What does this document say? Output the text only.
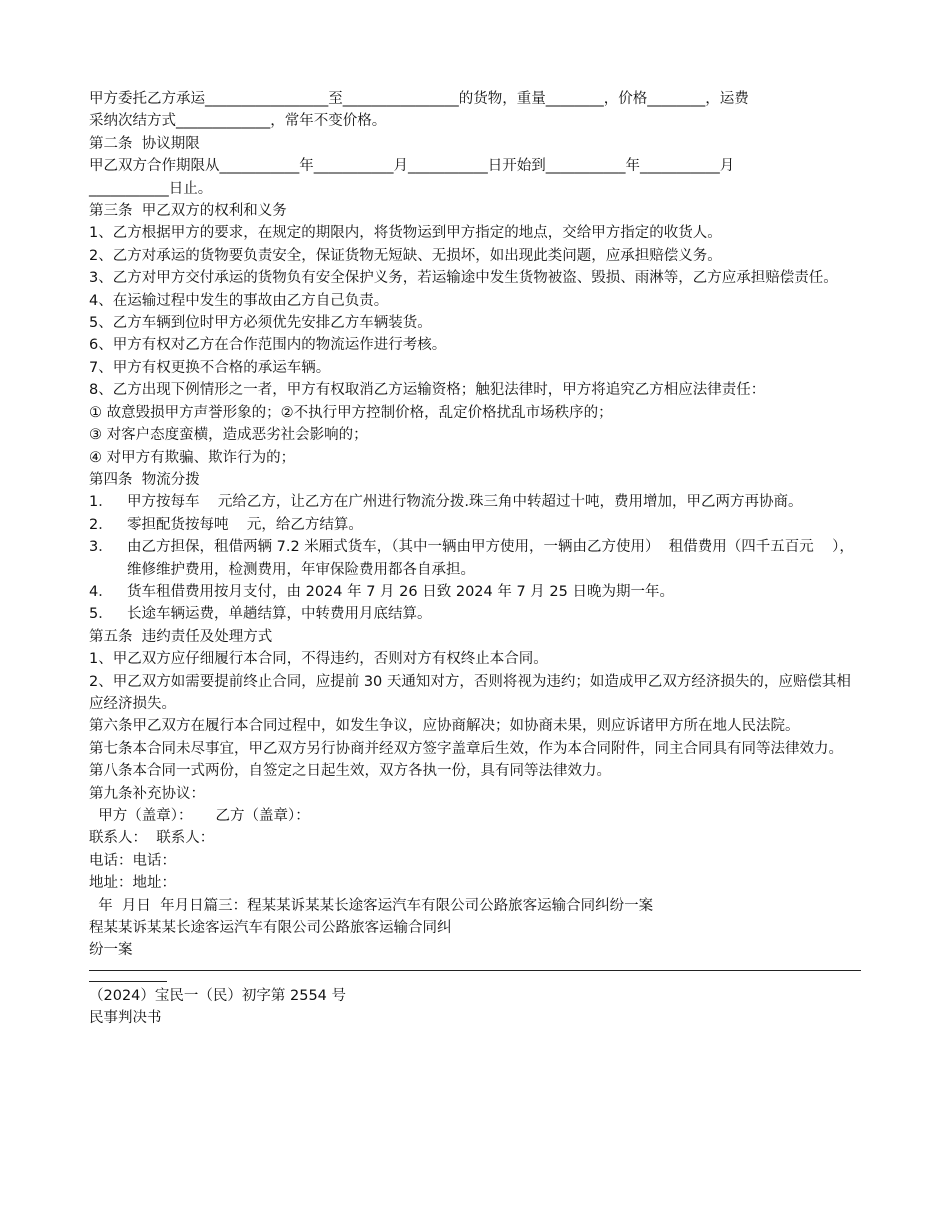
甲方委托乙方承运_________________至________________的货物，重量________，价格________，运费

采纳次结方式_____________，常年不变价格。

第二条  协议期限

甲乙双方合作期限从___________年___________月___________日开始到___________年___________月

___________日止。

第三条  甲乙双方的权利和义务

1、乙方根据甲方的要求，在规定的期限内，将货物运到甲方指定的地点，交给甲方指定的收货人。

2、乙方对承运的货物要负责安全，保证货物无短缺、无损坏，如出现此类问题，应承担赔偿义务。

3、乙方对甲方交付承运的货物负有安全保护义务，若运输途中发生货物被盗、毁损、雨淋等，乙方应承担赔偿责任。

4、在运输过程中发生的事故由乙方自己负责。

5、乙方车辆到位时甲方必须优先安排乙方车辆装货。

6、甲方有权对乙方在合作范围内的物流运作进行考核。

7、甲方有权更换不合格的承运车辆。

8、乙方出现下例情形之一者，甲方有权取消乙方运输资格；触犯法律时，甲方将追究乙方相应法律责任：

① 故意毁损甲方声誉形象的；②不执行甲方控制价格，乱定价格扰乱市场秩序的；

③ 对客户态度蛮横，造成恶劣社会影响的；

④ 对甲方有欺骗、欺诈行为的；

第四条  物流分拨

1． 甲方按每车    元给乙方，让乙方在广州进行物流分拨.珠三角中转超过十吨，费用增加，甲乙两方再协商。
2． 零担配货按每吨    元，给乙方结算。
3． 由乙方担保，租借两辆 7.2 米厢式货车，（其中一辆由甲方使用，一辆由乙方使用）  租借费用（四千五百元    ），维修维护费用，检测费用，年审保险费用都各自承担。
4． 货车租借费用按月支付，由 2024 年 7 月 26 日致 2024 年 7 月 25 日晚为期一年。
5． 长途车辆运费，单趟结算，中转费用月底结算。

第五条  违约责任及处理方式

1、甲乙双方应仔细履行本合同，不得违约，否则对方有权终止本合同。

2、甲乙双方如需要提前终止合同，应提前 30 天通知对方，否则将视为违约；如造成甲乙双方经济损失的，应赔偿其相应经济损失。

第六条甲乙双方在履行本合同过程中，如发生争议，应协商解决；如协商未果，则应诉诸甲方所在地人民法院。

第七条本合同未尽事宜，甲乙双方另行协商并经双方签字盖章后生效，作为本合同附件，同主合同具有同等法律效力。

第八条本合同一式两份，自签定之日起生效，双方各执一份，具有同等法律效力。

第九条补充协议：

甲方（盖章）：     乙方（盖章）：

联系人：  联系人：

电话：电话：

地址：地址：

年  月日  年月日篇三：程某某诉某某长途客运汽车有限公司公路旅客运输合同纠纷一案

程某某诉某某长途客运汽车有限公司公路旅客运输合同纠

纷一案

（2024）宝民一（民）初字第 2554 号

民事判决书
